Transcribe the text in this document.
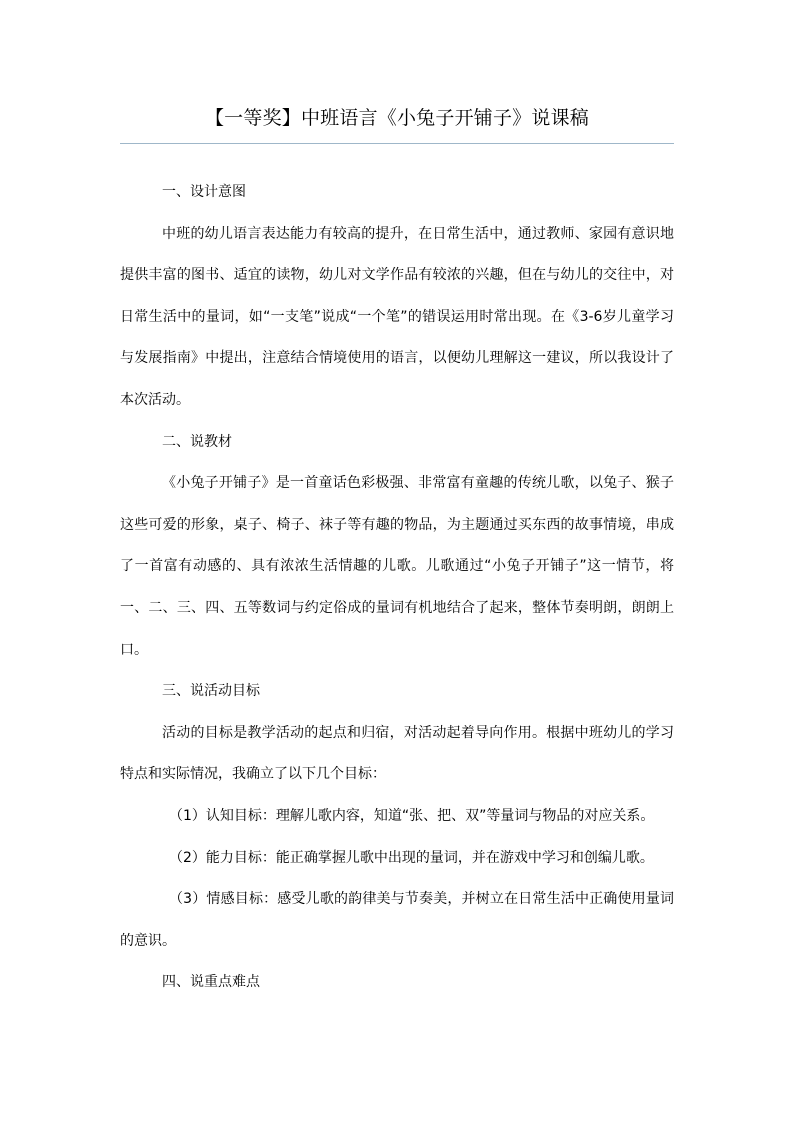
【一等奖】中班语言《小兔子开铺子》说课稿

一、设计意图

中班的幼儿语言表达能力有较高的提升，在日常生活中，通过教师、家园有意识地提供丰富的图书、适宜的读物，幼儿对文学作品有较浓的兴趣，但在与幼儿的交往中，对日常生活中的量词，如“一支笔”说成“一个笔”的错误运用时常出现。在《3-6岁儿童学习与发展指南》中提出，注意结合情境使用的语言，以便幼儿理解这一建议，所以我设计了本次活动。

二、说教材

《小兔子开铺子》是一首童话色彩极强、非常富有童趣的传统儿歌，以兔子、猴子这些可爱的形象，桌子、椅子、袜子等有趣的物品，为主题通过买东西的故事情境，串成了一首富有动感的、具有浓浓生活情趣的儿歌。儿歌通过“小兔子开铺子”这一情节，将一、二、三、四、五等数词与约定俗成的量词有机地结合了起来，整体节奏明朗，朗朗上口。

三、说活动目标

活动的目标是教学活动的起点和归宿，对活动起着导向作用。根据中班幼儿的学习特点和实际情况，我确立了以下几个目标：

（1）认知目标：理解儿歌内容，知道“张、把、双”等量词与物品的对应关系。

（2）能力目标：能正确掌握儿歌中出现的量词，并在游戏中学习和创编儿歌。

（3）情感目标：感受儿歌的韵律美与节奏美，并树立在日常生活中正确使用量词的意识。

四、说重点难点
